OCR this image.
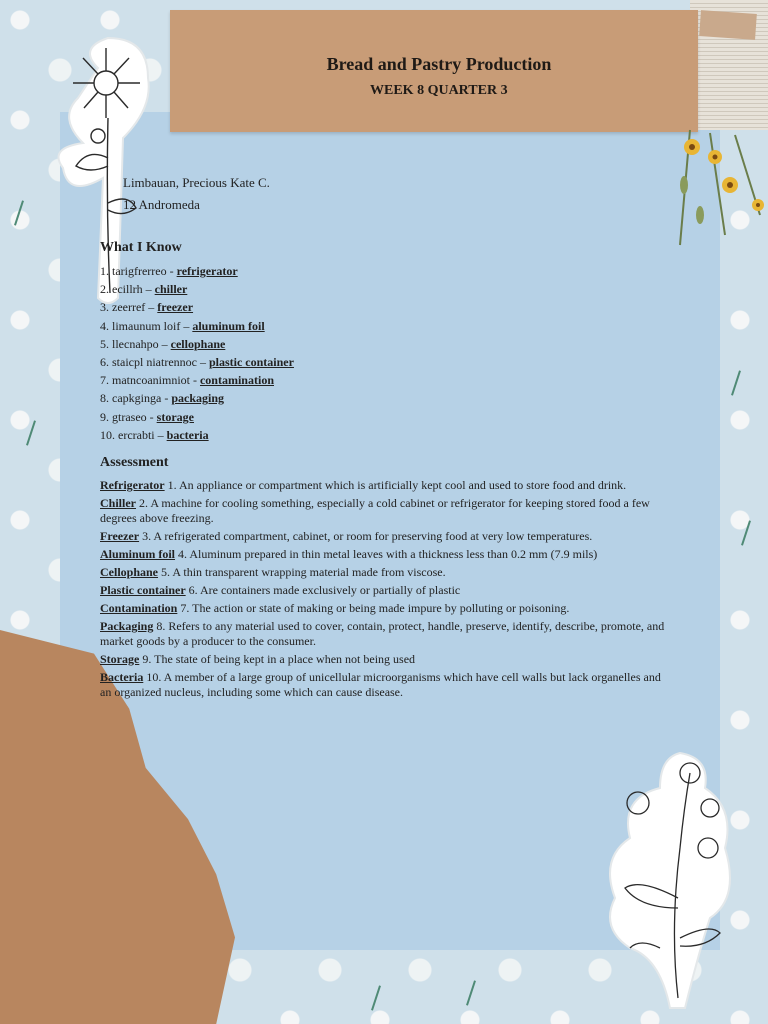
Bread and Pastry Production
WEEK 8 QUARTER 3
Limbauan, Precious Kate C.
12 Andromeda
What I Know
1. tarigfrerreo - refrigerator
2. ecillrh – chiller
3. zeerref – freezer
4. limaunum loif – aluminum foil
5. llecnahpo – cellophane
6. staicpl niatrennoc – plastic container
7. matncoanimniot - contamination
8. capkginga - packaging
9. gtraseo - storage
10. ercrabti – bacteria
Assessment
Refrigerator 1. An appliance or compartment which is artificially kept cool and used to store food and drink.
Chiller 2. A machine for cooling something, especially a cold cabinet or refrigerator for keeping stored food a few degrees above freezing.
Freezer 3. A refrigerated compartment, cabinet, or room for preserving food at very low temperatures.
Aluminum foil 4. Aluminum prepared in thin metal leaves with a thickness less than 0.2 mm (7.9 mils)
Cellophane 5. A thin transparent wrapping material made from viscose.
Plastic container 6. Are containers made exclusively or partially of plastic
Contamination 7. The action or state of making or being made impure by polluting or poisoning.
Packaging 8. Refers to any material used to cover, contain, protect, handle, preserve, identify, describe, promote, and market goods by a producer to the consumer.
Storage 9. The state of being kept in a place when not being used
Bacteria 10. A member of a large group of unicellular microorganisms which have cell walls but lack organelles and an organized nucleus, including some which can cause disease.
